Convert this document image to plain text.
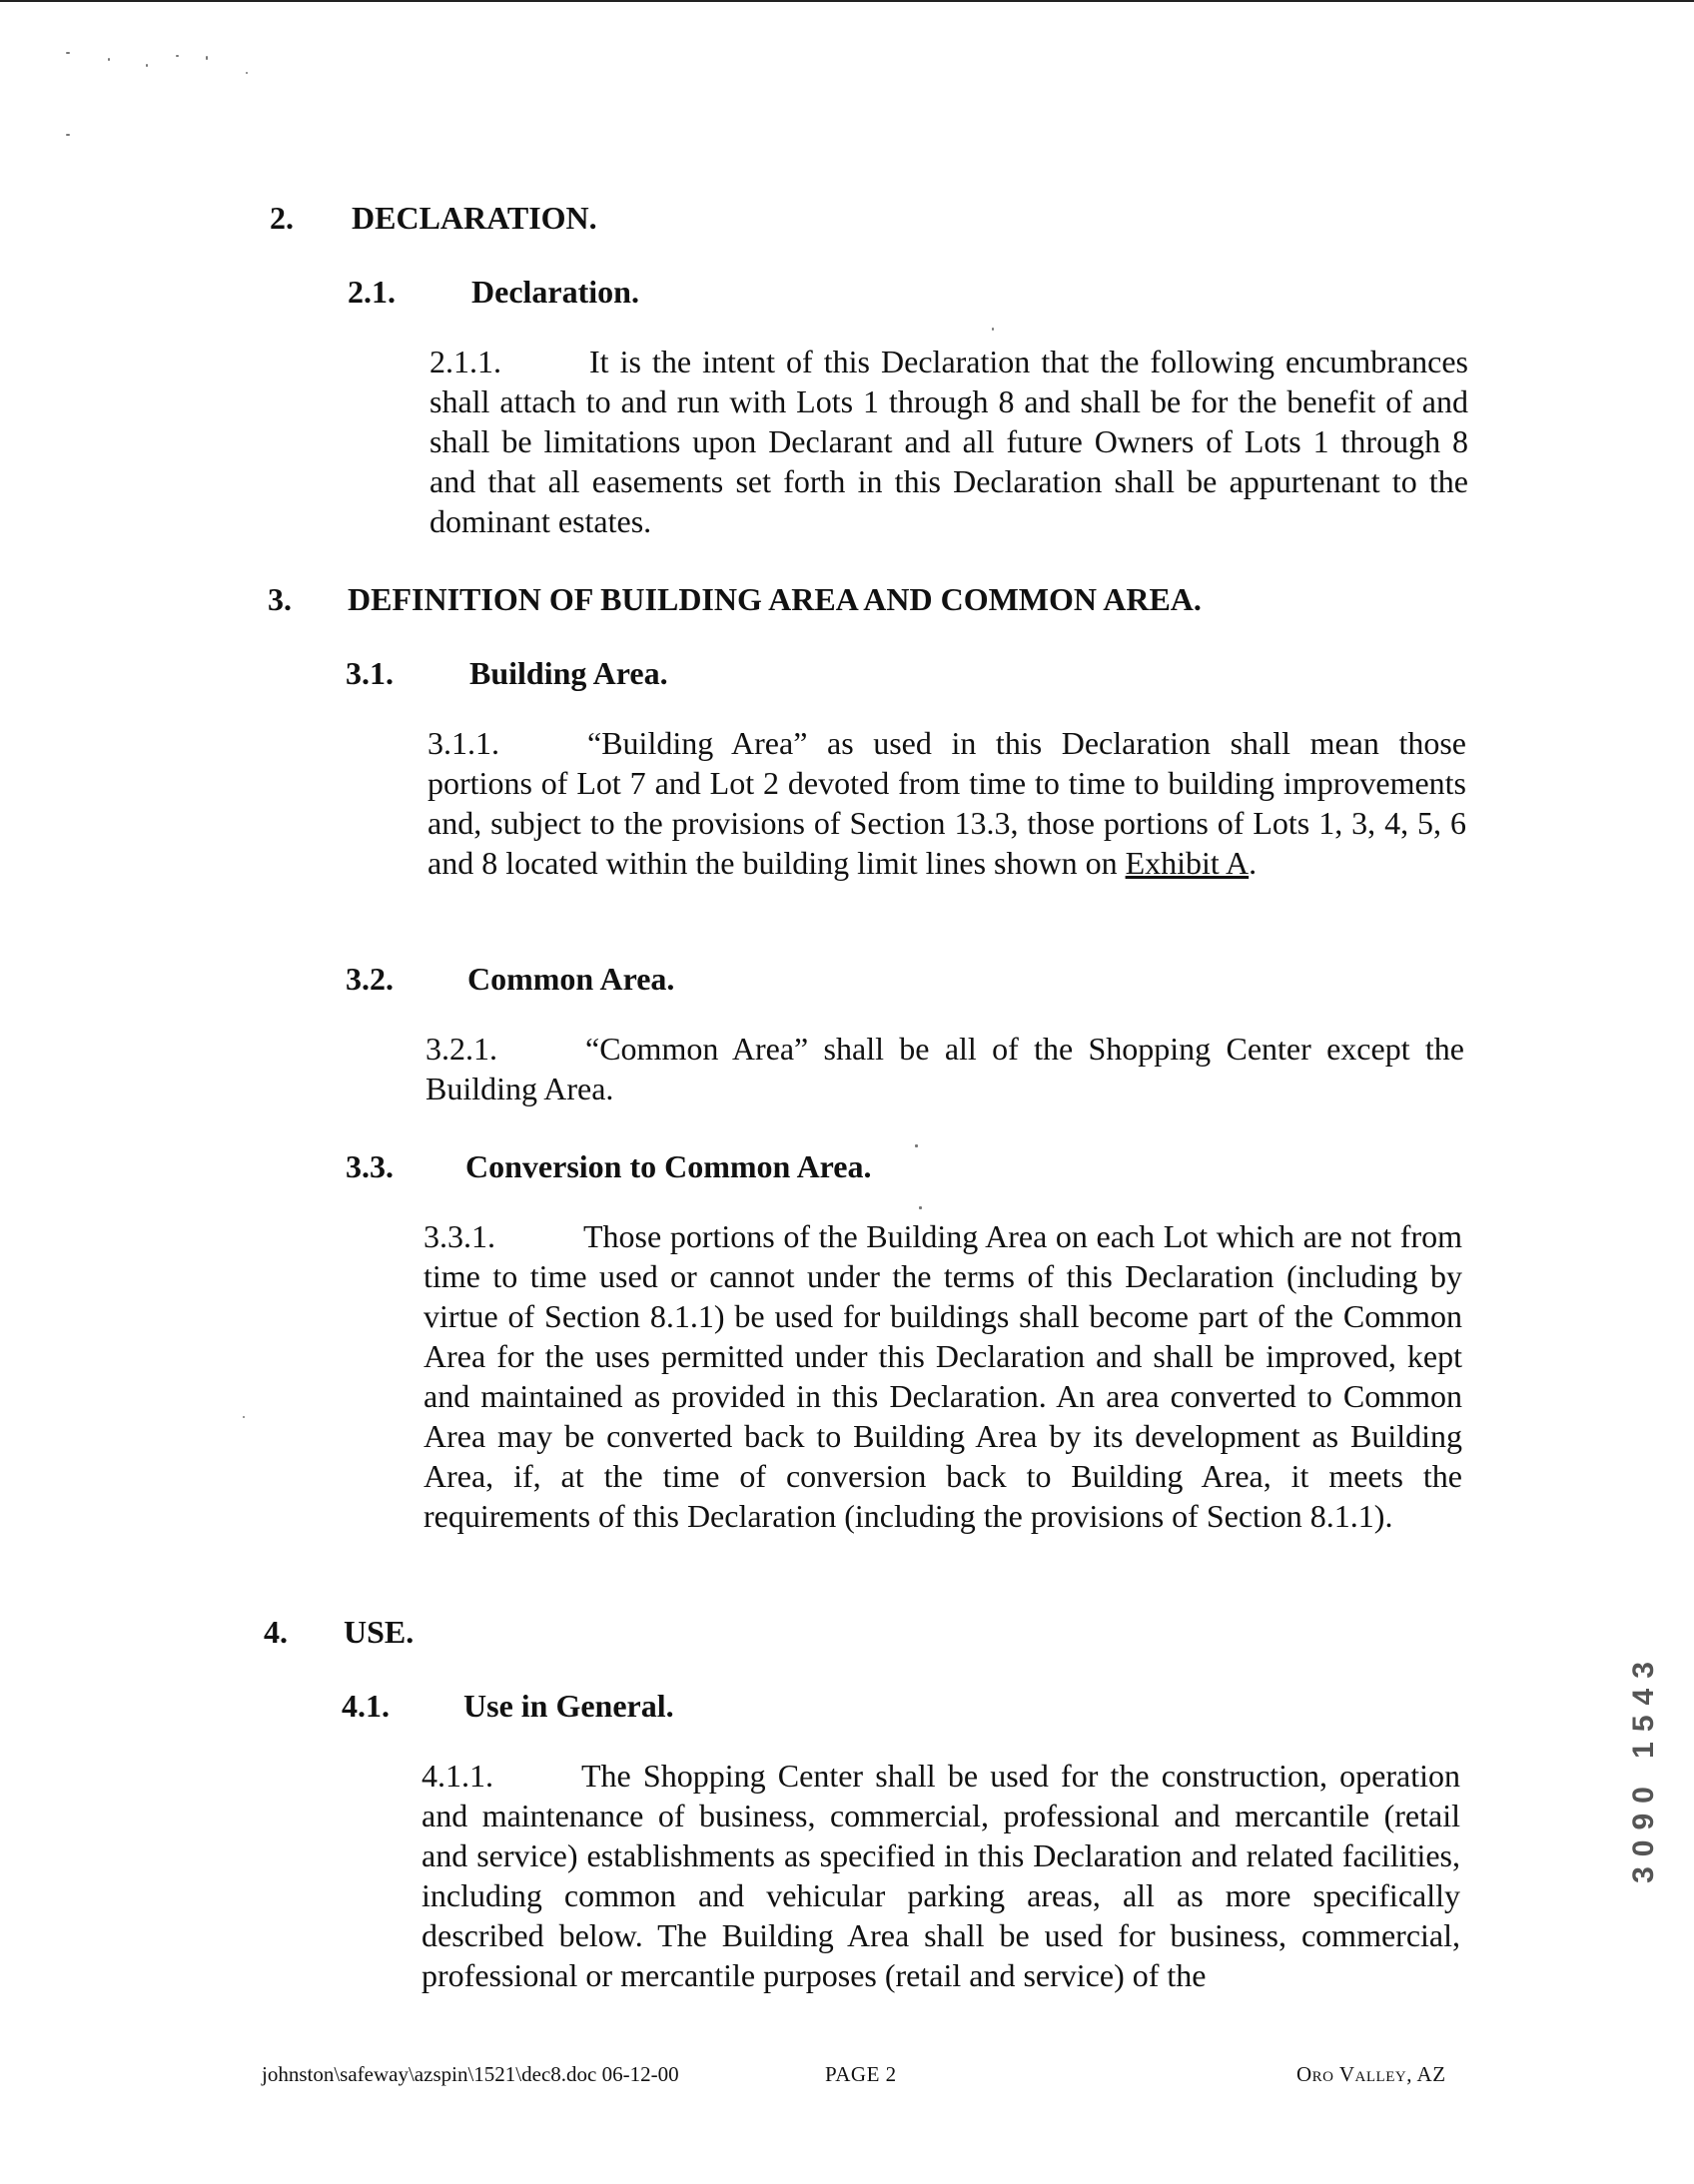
2. DECLARATION.
2.1. Declaration.
2.1.1.	It is the intent of this Declaration that the following encumbrances shall attach to and run with Lots 1 through 8 and shall be for the benefit of and shall be limitations upon Declarant and all future Owners of Lots 1 through 8 and that all easements set forth in this Declaration shall be appurtenant to the dominant estates.
3. DEFINITION OF BUILDING AREA AND COMMON AREA.
3.1. Building Area.
3.1.1.	“Building Area” as used in this Declaration shall mean those portions of Lot 7 and Lot 2 devoted from time to time to building improvements and, subject to the provisions of Section 13.3, those portions of Lots 1, 3, 4, 5, 6 and 8 located within the building limit lines shown on Exhibit A.
3.2. Common Area.
3.2.1.	“Common Area” shall be all of the Shopping Center except the Building Area.
3.3. Conversion to Common Area.
3.3.1.	Those portions of the Building Area on each Lot which are not from time to time used or cannot under the terms of this Declaration (including by virtue of Section 8.1.1) be used for buildings shall become part of the Common Area for the uses permitted under this Declaration and shall be improved, kept and maintained as provided in this Declaration. An area converted to Common Area may be converted back to Building Area by its development as Building Area, if, at the time of conversion back to Building Area, it meets the requirements of this Declaration (including the provisions of Section 8.1.1).
4. USE.
4.1. Use in General.
4.1.1.	The Shopping Center shall be used for the construction, operation and maintenance of business, commercial, professional and mercantile (retail and service) establishments as specified in this Declaration and related facilities, including common and vehicular parking areas, all as more specifically described below. The Building Area shall be used for business, commercial, professional or mercantile purposes (retail and service) of the
3090 1543
johnston\safeway\azspin\1521\dec8.doc 06-12-00	PAGE 2	Oro Valley, AZ
